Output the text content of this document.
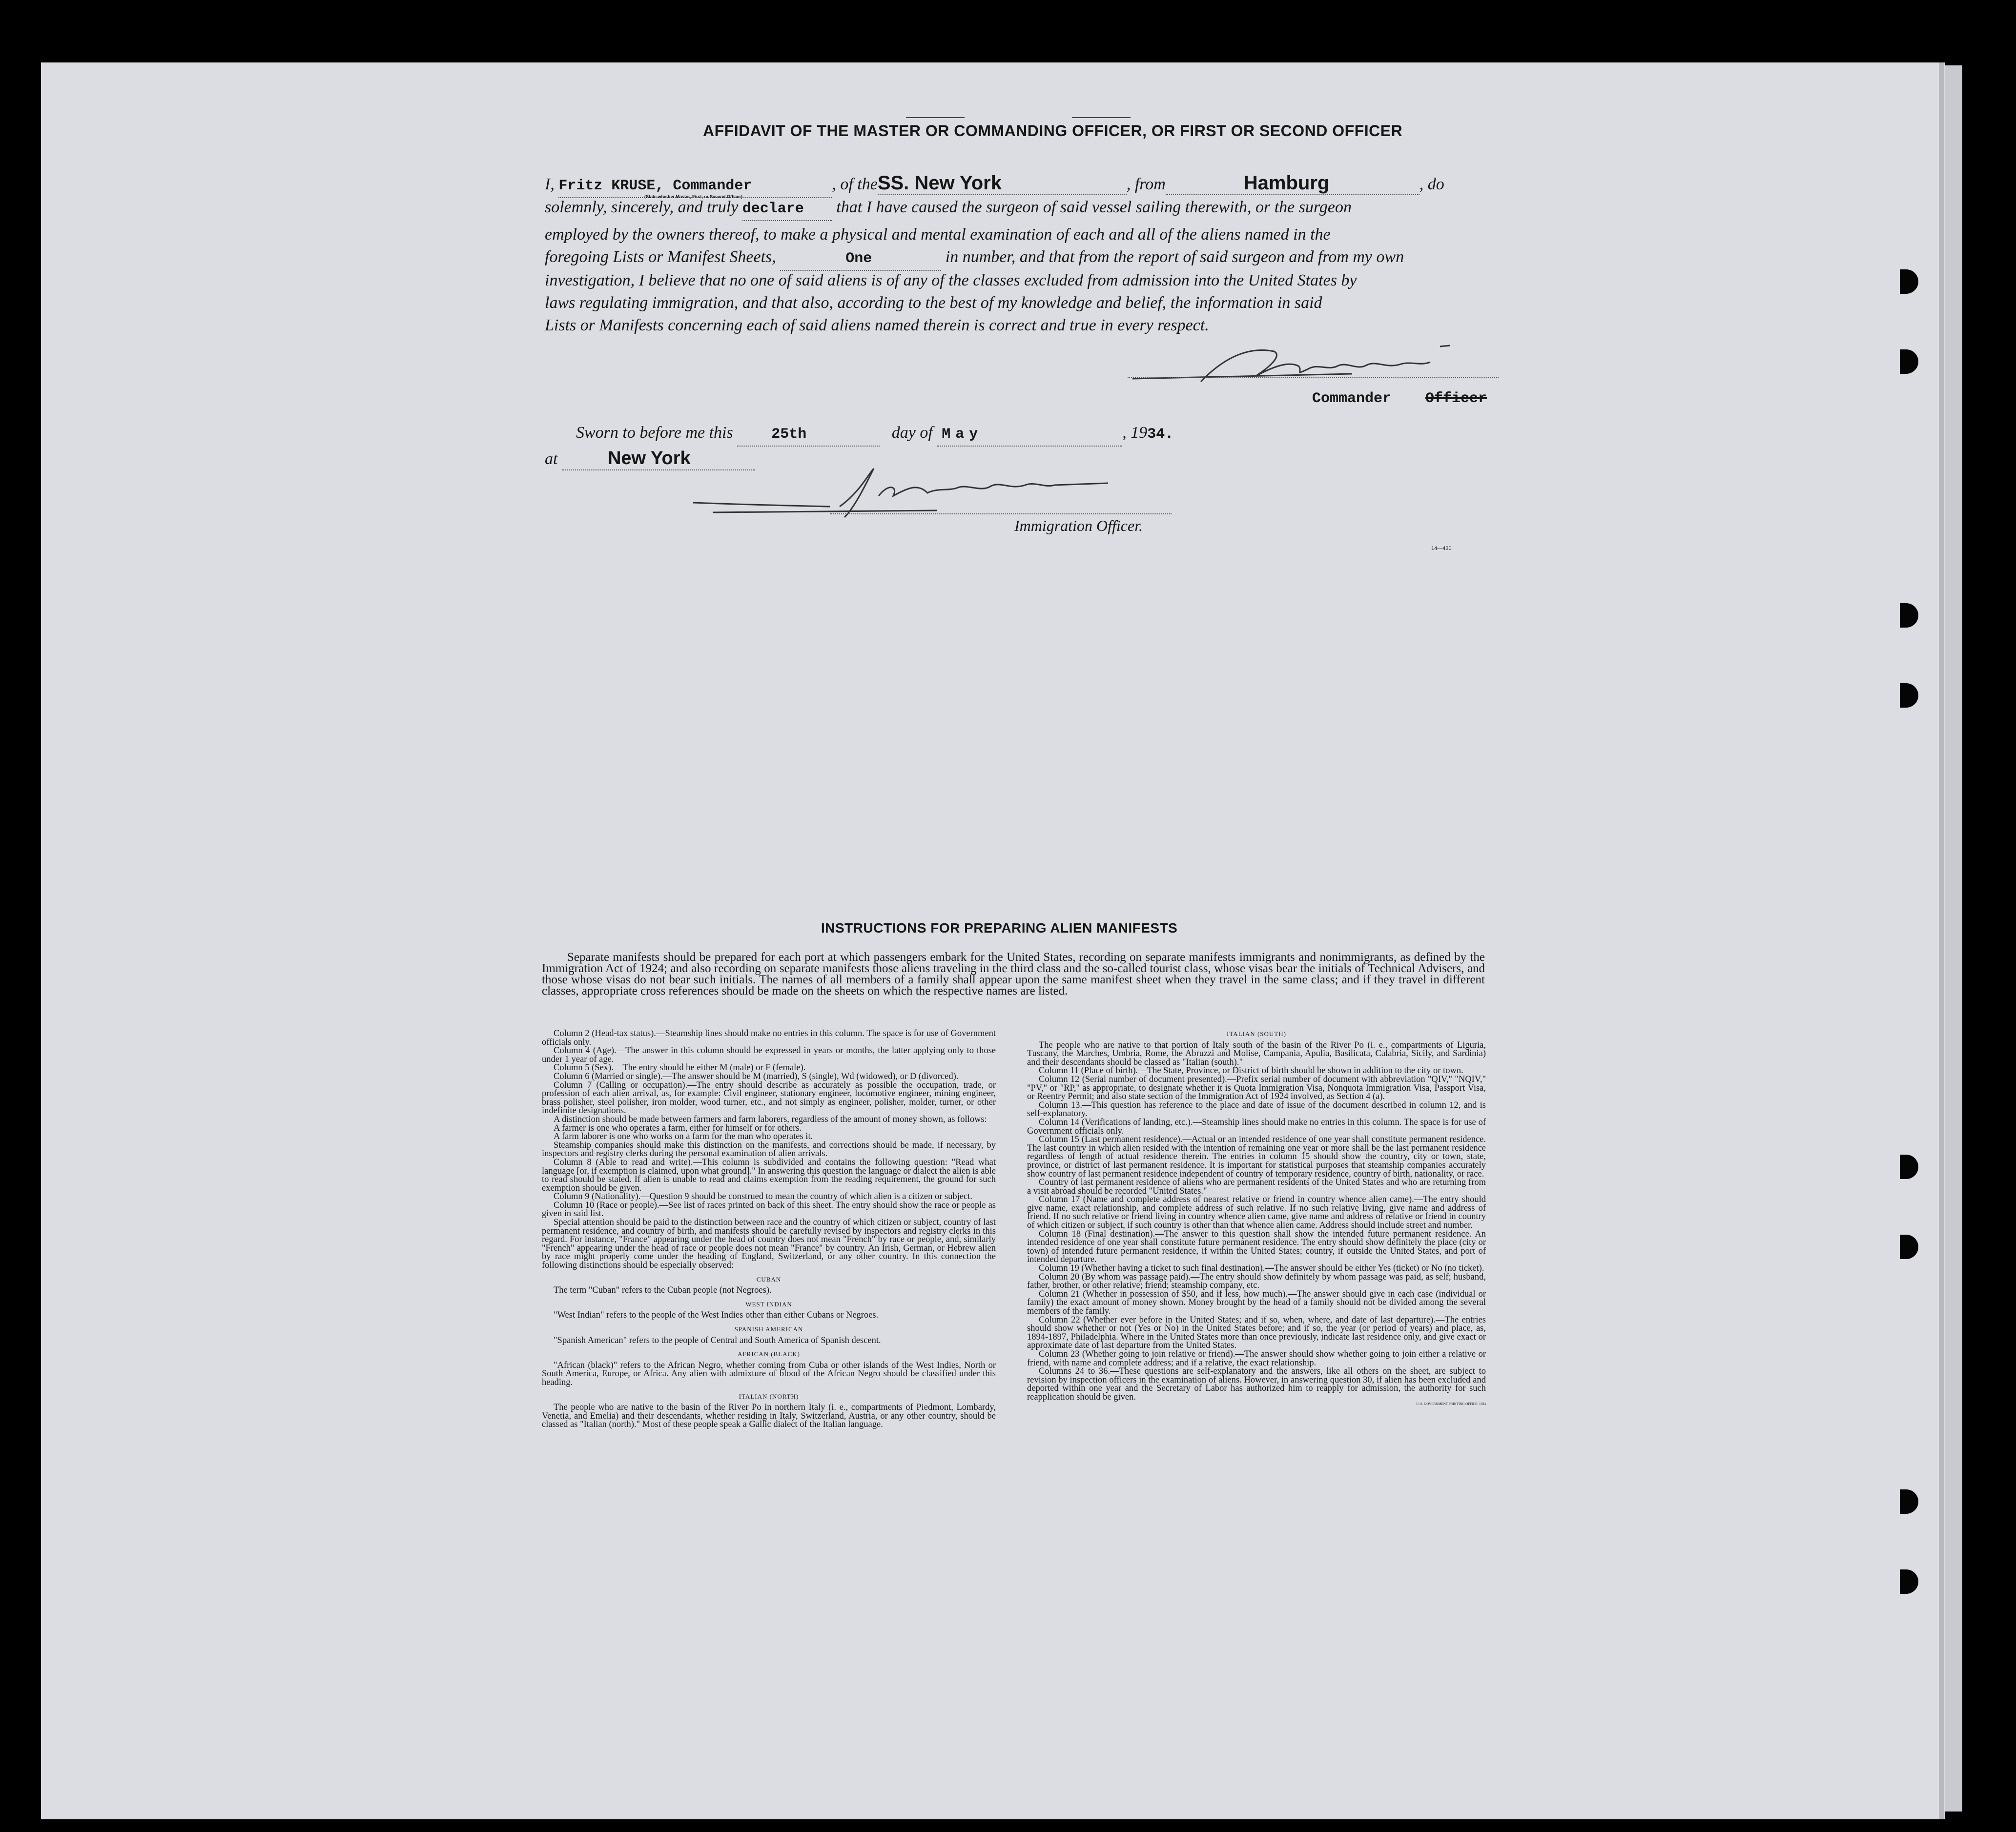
AFFIDAVIT OF THE MASTER OR COMMANDING OFFICER, OR FIRST OR SECOND OFFICER
I, Fritz KRUSE, Commander	, of theSS. New York	, from	Hamburg	, do
(State whether Master, First, or Second Officer)
solemnly, sincerely, and truly declare that I have caused the surgeon of said vessel sailing therewith, or the surgeon
employed by the owners thereof, to make a physical and mental examination of each and all of the aliens named in the
foregoing Lists or Manifest Sheets,	One	in number, and that from the report of said surgeon and from my own
investigation, I believe that no one of said aliens is of any of the classes excluded from admission into the United States by
laws regulating immigration, and that also, according to the best of my knowledge and belief, the information in said
Lists or Manifests concerning each of said aliens named therein is correct and true in every respect.
Commander Officer
Sworn to before me this	25th	day of May	, 1934.
at	New York
Immigration Officer.
14—430
INSTRUCTIONS FOR PREPARING ALIEN MANIFESTS
Separate manifests should be prepared for each port at which passengers embark for the United States, recording on separate manifests immigrants and nonimmigrants, as defined by the Immigration Act of 1924; and also recording on separate manifests those aliens traveling in the third class and the so-called tourist class, whose visas bear the initials of Technical Advisers, and those whose visas do not bear such initials. The names of all members of a family shall appear upon the same manifest sheet when they travel in the same class; and if they travel in different classes, appropriate cross references should be made on the sheets on which the respective names are listed.

Column 2 (Head-tax status).—Steamship lines should make no entries in this column. The space is for use of Government officials only.

Column 4 (Age).—The answer in this column should be expressed in years or months, the latter applying only to those under 1 year of age.

Column 5 (Sex).—The entry should be either M (male) or F (female).

Column 6 (Married or single).—The answer should be M (married), S (single), Wd (widowed), or D (divorced).

Column 7 (Calling or occupation).—The entry should describe as accurately as possible the occupation, trade, or profession of each alien arrival, as, for example: Civil engineer, stationary engineer, locomotive engineer, mining engineer, brass polisher, steel polisher, iron molder, wood turner, etc., and not simply as engineer, polisher, molder, turner, or other indefinite designations.

A distinction should be made between farmers and farm laborers, regardless of the amount of money shown, as follows:

A farmer is one who operates a farm, either for himself or for others.

A farm laborer is one who works on a farm for the man who operates it.

Steamship companies should make this distinction on the manifests, and corrections should be made, if necessary, by inspectors and registry clerks during the personal examination of alien arrivals.

Column 8 (Able to read and write).—This column is subdivided and contains the following question: "Read what language [or, if exemption is claimed, upon what ground]." In answering this question the language or dialect the alien is able to read should be stated. If alien is unable to read and claims exemption from the reading requirement, the ground for such exemption should be given.

Column 9 (Nationality).—Question 9 should be construed to mean the country of which alien is a citizen or subject.

Column 10 (Race or people).—See list of races printed on back of this sheet. The entry should show the race or people as given in said list.

Special attention should be paid to the distinction between race and the country of which citizen or subject, country of last permanent residence, and country of birth, and manifests should be carefully revised by inspectors and registry clerks in this regard. For instance, "France" appearing under the head of country does not mean "French" by race or people, and, similarly "French" appearing under the head of race or people does not mean "France" by country. An Irish, German, or Hebrew alien by race might properly come under the heading of England, Switzerland, or any other country. In this connection the following distinctions should be especially observed:

CUBAN

The term "Cuban" refers to the Cuban people (not Negroes).

WEST INDIAN

"West Indian" refers to the people of the West Indies other than either Cubans or Negroes.

SPANISH AMERICAN

"Spanish American" refers to the people of Central and South America of Spanish descent.

AFRICAN (BLACK)

"African (black)" refers to the African Negro, whether coming from Cuba or other islands of the West Indies, North or South America, Europe, or Africa. Any alien with admixture of blood of the African Negro should be classified under this heading.

ITALIAN (NORTH)

The people who are native to the basin of the River Po in northern Italy (i. e., compartments of Piedmont, Lombardy, Venetia, and Emelia) and their descendants, whether residing in Italy, Switzerland, Austria, or any other country, should be classed as "Italian (north)." Most of these people speak a Gallic dialect of the Italian language.

ITALIAN (SOUTH)

The people who are native to that portion of Italy south of the basin of the River Po (i. e., compartments of Liguria, Tuscany, the Marches, Umbria, Rome, the Abruzzi and Molise, Campania, Apulia, Basilicata, Calabria, Sicily, and Sardinia) and their descendants should be classed as "Italian (south)."

Column 11 (Place of birth).—The State, Province, or District of birth should be shown in addition to the city or town.

Column 12 (Serial number of document presented).—Prefix serial number of document with abbreviation "QIV," "NQIV," "PV," or "RP," as appropriate, to designate whether it is Quota Immigration Visa, Nonquota Immigration Visa, Passport Visa, or Reentry Permit; and also state section of the Immigration Act of 1924 involved, as Section 4 (a).

Column 13.—This question has reference to the place and date of issue of the document described in column 12, and is self-explanatory.

Column 14 (Verifications of landing, etc.).—Steamship lines should make no entries in this column. The space is for use of Government officials only.

Column 15 (Last permanent residence).—Actual or an intended residence of one year shall constitute permanent residence. The last country in which alien resided with the intention of remaining one year or more shall be the last permanent residence regardless of length of actual residence therein. The entries in column 15 should show the country, city or town, state, province, or district of last permanent residence. It is important for statistical purposes that steamship companies accurately show country of last permanent residence independent of country of temporary residence, country of birth, nationality, or race.

Country of last permanent residence of aliens who are permanent residents of the United States and who are returning from a visit abroad should be recorded "United States."

Column 17 (Name and complete address of nearest relative or friend in country whence alien came).—The entry should give name, exact relationship, and complete address of such relative. If no such relative living, give name and address of friend. If no such relative or friend living in country whence alien came, give name and address of relative or friend in country of which citizen or subject, if such country is other than that whence alien came. Address should include street and number.

Column 18 (Final destination).—The answer to this question shall show the intended future permanent residence. An intended residence of one year shall constitute future permanent residence. The entry should show definitely the place (city or town) of intended future permanent residence, if within the United States; country, if outside the United States, and port of intended departure.

Column 19 (Whether having a ticket to such final destination).—The answer should be either Yes (ticket) or No (no ticket).

Column 20 (By whom was passage paid).—The entry should show definitely by whom passage was paid, as self; husband, father, brother, or other relative; friend; steamship company, etc.

Column 21 (Whether in possession of $50, and if less, how much).—The answer should give in each case (individual or family) the exact amount of money shown. Money brought by the head of a family should not be divided among the several members of the family.

Column 22 (Whether ever before in the United States; and if so, when, where, and date of last departure).—The entries should show whether or not (Yes or No) in the United States before; and if so, the year (or period of years) and place, as, 1894-1897, Philadelphia. Where in the United States more than once previously, indicate last residence only, and give exact or approximate date of last departure from the United States.

Column 23 (Whether going to join relative or friend).—The answer should show whether going to join either a relative or friend, with name and complete address; and if a relative, the exact relationship.

Columns 24 to 36.—These questions are self-explanatory and the answers, like all others on the sheet, are subject to revision by inspection officers in the examination of aliens. However, in answering question 30, if alien has been excluded and deported within one year and the Secretary of Labor has authorized him to reapply for admission, the authority for such reapplication should be given.

U. S. GOVERNMENT PRINTING OFFICE: 1934
